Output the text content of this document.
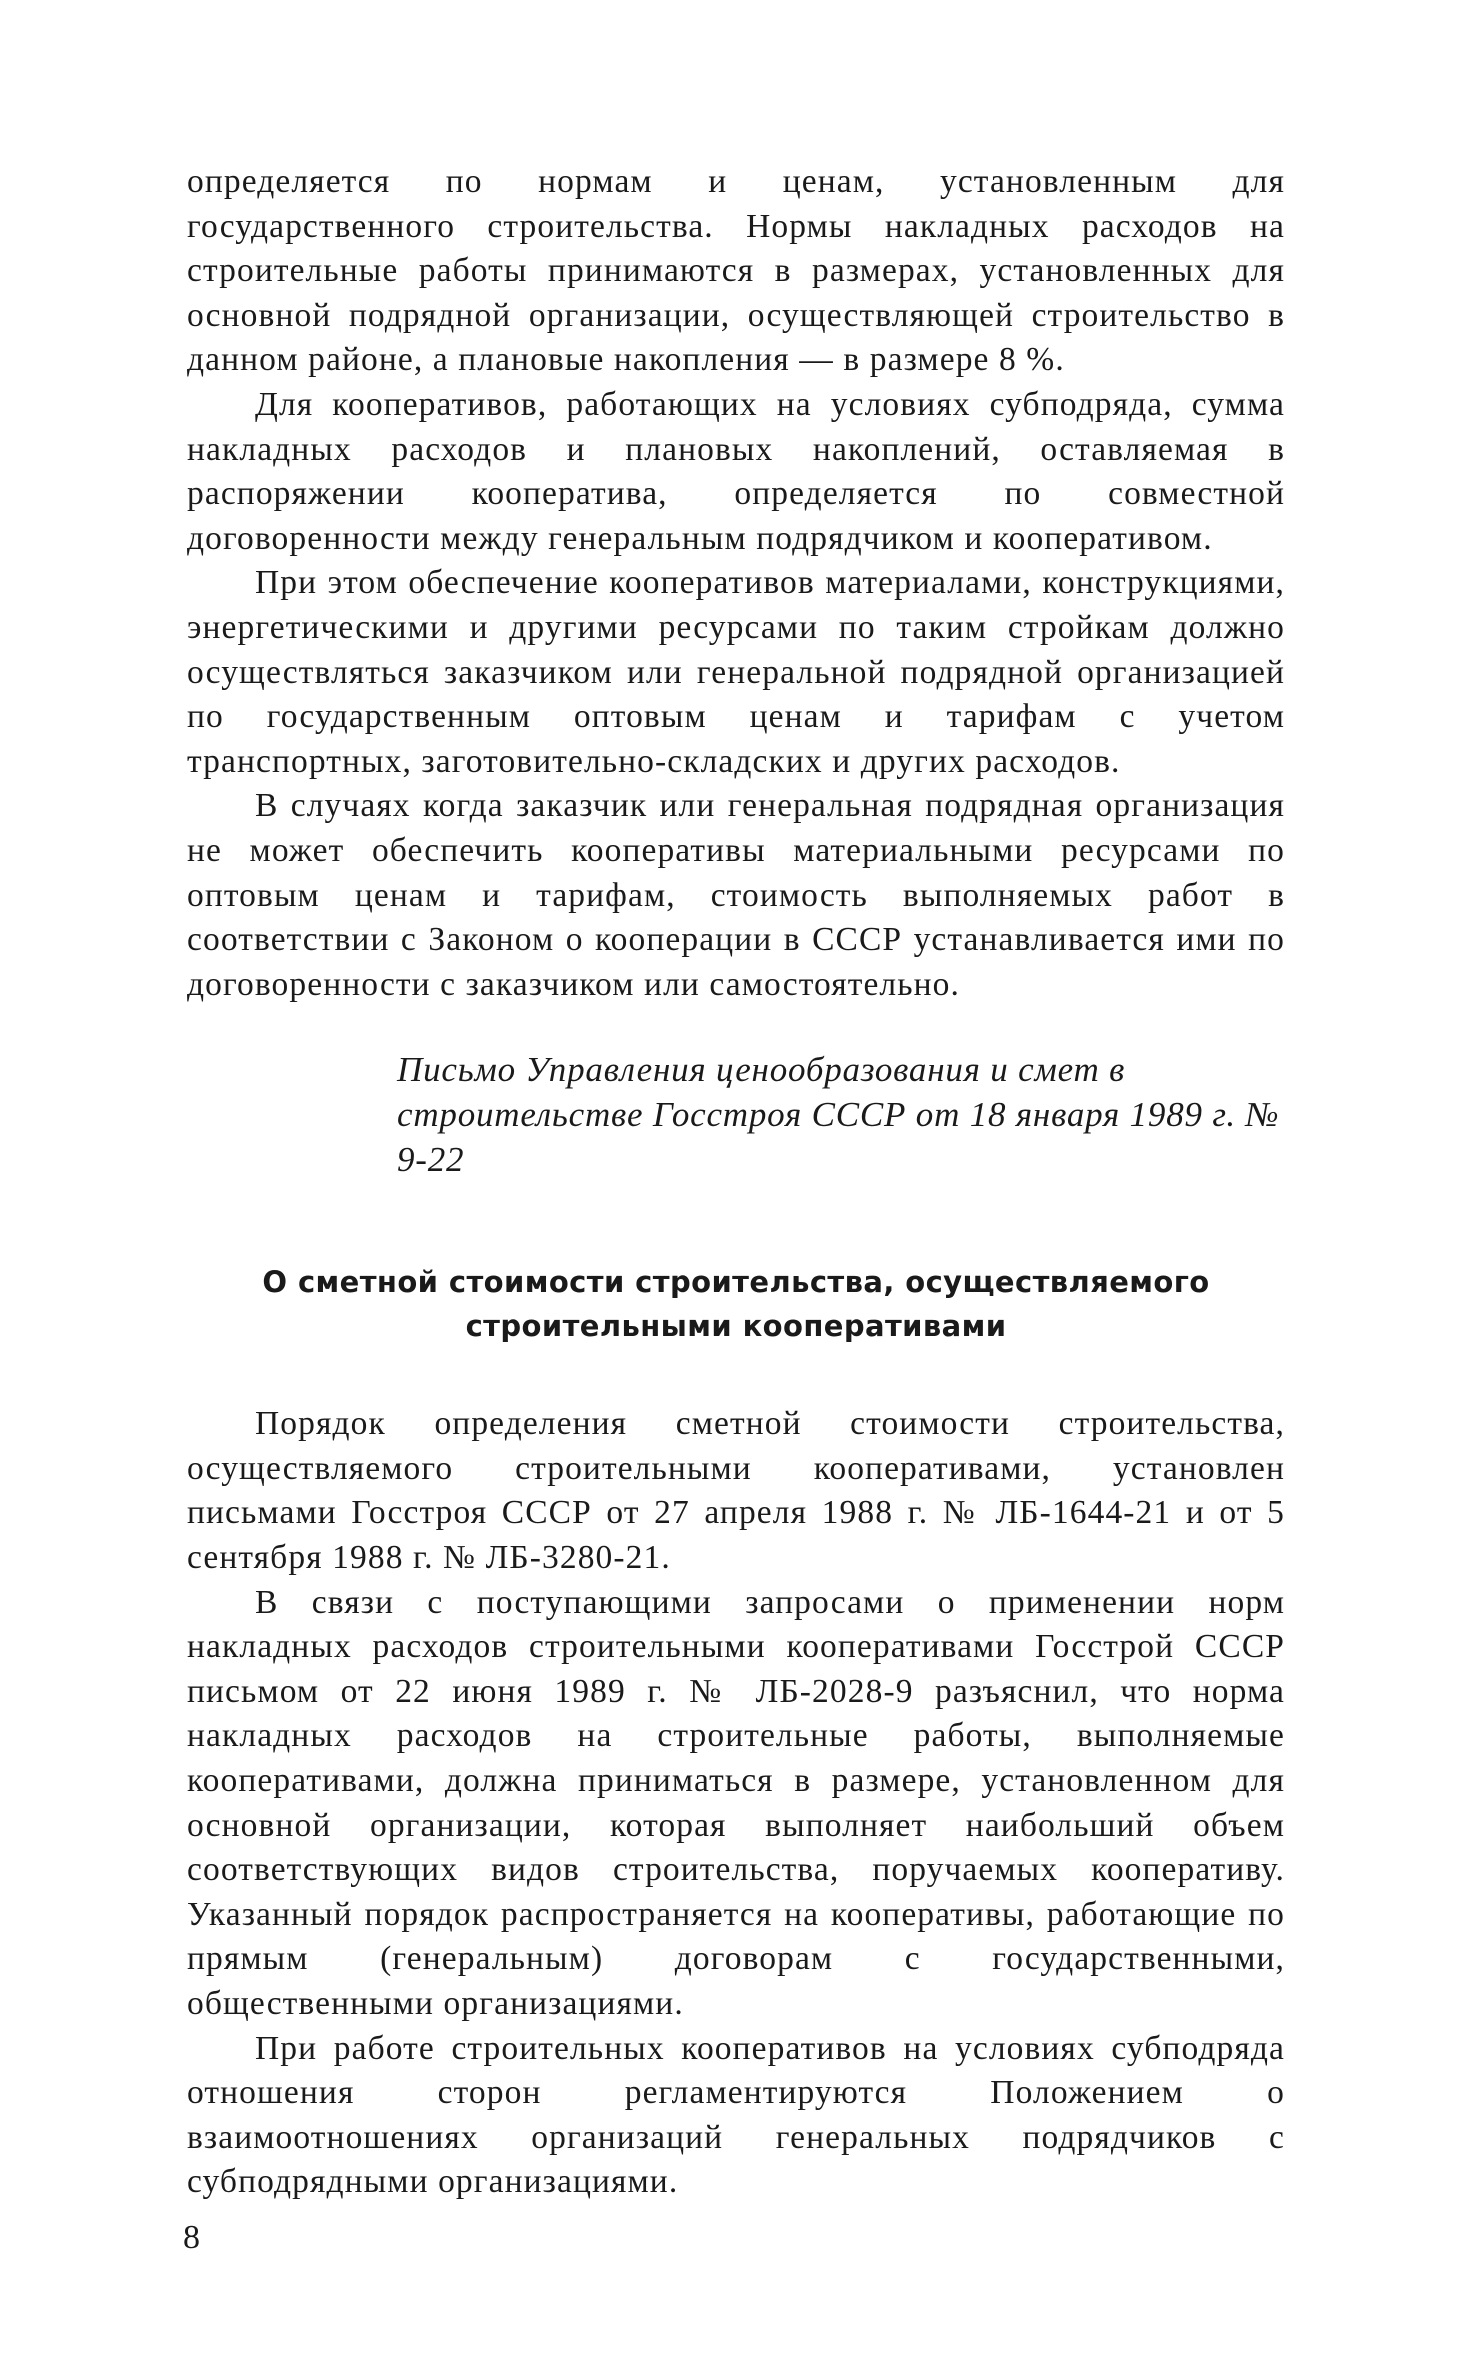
определяется по нормам и ценам, установленным для государственного строительства. Нормы накладных расходов на строительные работы принимаются в размерах, установленных для основной подрядной организации, осуществляющей строительство в данном районе, а плановые накопления — в размере 8 %.

Для кооперативов, работающих на условиях субподряда, сумма накладных расходов и плановых накоплений, оставляемая в распоряжении кооператива, определяется по совместной договоренности между генеральным подрядчиком и кооперативом.

При этом обеспечение кооперативов материалами, конструкциями, энергетическими и другими ресурсами по таким стройкам должно осуществляться заказчиком или генеральной подрядной организацией по государственным оптовым ценам и тарифам с учетом транспортных, заготовительно-складских и других расходов.

В случаях когда заказчик или генеральная подрядная организация не может обеспечить кооперативы материальными ресурсами по оптовым ценам и тарифам, стоимость выполняемых работ в соответствии с Законом о кооперации в СССР устанавливается ими по договоренности с заказчиком или самостоятельно.

Письмо Управления ценообразования и смет в строительстве Госстроя СССР от 18 января 1989 г. № 9-22
О сметной стоимости строительства, осуществляемого строительными кооперативами

Порядок определения сметной стоимости строительства, осуществляемого строительными кооперативами, установлен письмами Госстроя СССР от 27 апреля 1988 г. № ЛБ-1644-21 и от 5 сентября 1988 г. № ЛБ-3280-21.

В связи с поступающими запросами о применении норм накладных расходов строительными кооперативами Госстрой СССР письмом от 22 июня 1989 г. № ЛБ-2028-9 разъяснил, что норма накладных расходов на строительные работы, выполняемые кооперативами, должна приниматься в размере, установленном для основной организации, которая выполняет наибольший объем соответствующих видов строительства, поручаемых кооперативу. Указанный порядок распространяется на кооперативы, работающие по прямым (генеральным) договорам с государственными, общественными организациями.

При работе строительных кооперативов на условиях субподряда отношения сторон регламентируются Положением о взаимоотношениях организаций генеральных подрядчиков с субподрядными организациями.

8
